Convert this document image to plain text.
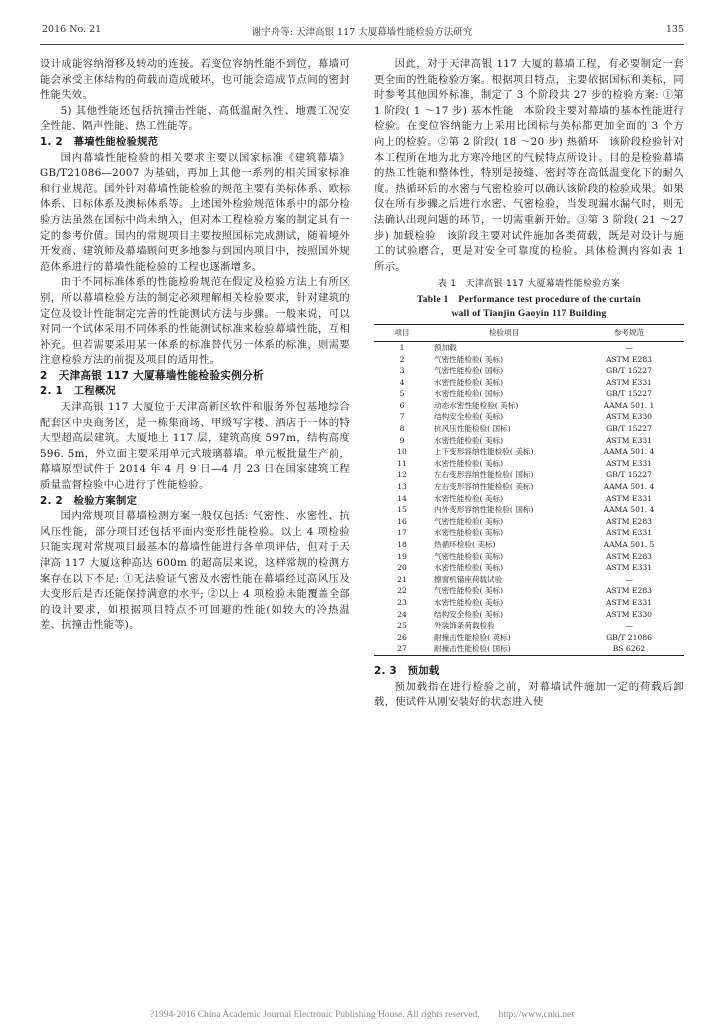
2016 No. 21	谢宇舟等: 天津高银 117 大厦幕墙性能检验方法研究	135

设计成能容纳滑移及转动的连接。若变位容纳性能不到位，幕墙可能会承受主体结构的荷载而造成破坏，也可能会造成节点间的密封性能失效。

5) 其他性能还包括抗撞击性能、高低温耐久性、地震工况安全性能、隔声性能、热工性能等。

1. 2　幕墙性能检验规范

国内幕墙性能检验的相关要求主要以国家标准《建筑幕墙》GB/T21086—2007 为基础，再加上其他一系列的相关国家标准和行业规范。国外针对幕墙性能检验的规范主要有美标体系、欧标体系、日标体系及澳标体系等。上述国外检验规范体系中的部分检验方法虽然在国标中尚未纳入，但对本工程检验方案的制定具有一定的参考价值。国内的常规项目主要按照国标完成测试，随着境外开发商、建筑师及幕墙顾问更多地参与到国内项目中，按照国外规范体系进行的幕墙性能检验的工程也逐渐增多。

由于不同标准体系的性能检验规范在假定及检验方法上有所区别，所以幕墙检验方法的制定必须理解相关检验要求，针对建筑的定位及设计性能制定完善的性能测试方法与步骤。一般来说，可以对同一个试体采用不同体系的性能测试标准来检验幕墙性能，互相补充。但若需要采用某一体系的标准替代另一体系的标准，则需要注意检验方法的前提及项目的适用性。

2　天津高银 117 大厦幕墙性能检验实例分析
2. 1　工程概况

天津高银 117 大厦位于天津高新区软件和服务外包基地综合配套区中央商务区，是一栋集商场、甲级写字楼、酒店于一体的特大型超高层建筑。大厦地上 117 层，建筑高度 597m，结构高度 596. 5m，外立面主要采用单元式玻璃幕墙。单元板批量生产前，幕墙原型试件于 2014 年 4 月 9 日—4 月 23 日在国家建筑工程质量监督检验中心进行了性能检验。

2. 2　检验方案制定

国内常规项目幕墙检测方案一般仅包括: 气密性、水密性、抗风压性能，部分项目还包括平面内变形性能检验。以上 4 项检验只能实现对常规项目最基本的幕墙性能进行各单项评估，但对于天津高 117 大厦这种高达 600m 的超高层来说，这样常规的检测方案存在以下不足: ①无法验证气密及水密性能在幕墙经过高风压及大变形后是否还能保持满意的水平; ②以上 4 项检验未能覆盖全部的设计要求，如根据项目特点不可回避的性能(如较大的冷热温差、抗撞击性能等)。

因此，对于天津高银 117 大厦的幕墙工程，有必要制定一套更全面的性能检验方案。根据项目特点，主要依据国标和美标，同时参考其他国外标准，制定了 3 个阶段共 27 步的检验方案: ①第 1 阶段( 1 ～17 步) 基本性能　本阶段主要对幕墙的基本性能进行检验。在变位容纳能力上采用比国标与美标都更加全面的 3 个方向上的检验。②第 2 阶段( 18 ～20 步) 热循环　该阶段检验针对本工程所在地为北方寒冷地区的气候特点所设计。目的是检验幕墙的热工性能和整体性，特别是接缝、密封等在高低温变化下的耐久度。热循环后的水密与气密检验可以确认该阶段的检验成果。如果仅在所有步骤之后进行水密、气密检验，当发现漏水漏气时，则无法确认出现问题的环节，一切需重新开始。③第 3 阶段( 21 ～27 步) 加载检验　该阶段主要对试件施加各类荷载，既是对设计与施工的试验磨合，更是对安全可靠度的检验。具体检测内容如表 1 所示。

表 1　天津高银 117 大厦幕墙性能检验方案
Table 1　Performance test procedure of the curtain
wall of Tianjin Gaoyin 117 Building
项目	检验项目	参考规范
1	预加载	—
2	气密性能检验( 美标)	ASTM E283
3	气密性能检验( 国标)	GB/T 15227
4	水密性能检验( 美标)	ASTM E331
5	水密性能检验( 国标)	GB/T 15227
6	动态水密性能检验( 美标)	AAMA 501. 1
7	结构安全检验( 美标)	ASTM E330
8	抗风压性能检验( 国标)	GB/T 15227
9	水密性能检验( 美标)	ASTM E331
10	上下变形容纳性能检验( 美标)	AAMA 501. 4
11	水密性能检验( 美标)	ASTM E331
12	左右变形容纳性能检验( 国标)	GB/T 15227
13	左右变形容纳性能检验( 美标)	AAMA 501. 4
14	水密性能检验( 美标)	ASTM E331
15	内外变形容纳性能检验( 国标)	AAMA 501. 4
16	气密性能检验( 美标)	ASTM E283
17	水密性能检验( 美标)	ASTM E331
18	热循环检验( 美标)	AAMA 501. 5
19	气密性能检验( 美标)	ASTM E283
20	水密性能检验( 美标)	ASTM E331
21	擦窗机锚座荷载试验	—
22	气密性能检验( 美标)	ASTM E283
23	水密性能检验( 美标)	ASTM E331
24	结构安全检验( 美标)	ASTM E330
25	外装饰条荷载检验	—
26	耐撞击性能检验( 英标)	GB/T 21086
27	耐撞击性能检验( 国标)	BS 6262
2. 3　预加载

预加载指在进行检验之前，对幕墙试件施加一定的荷载后卸载，使试件从刚安装好的状态进入使

?1994-2016 China Academic Journal Electronic Publishing House. All rights reserved.　　http://www.cnki.net
